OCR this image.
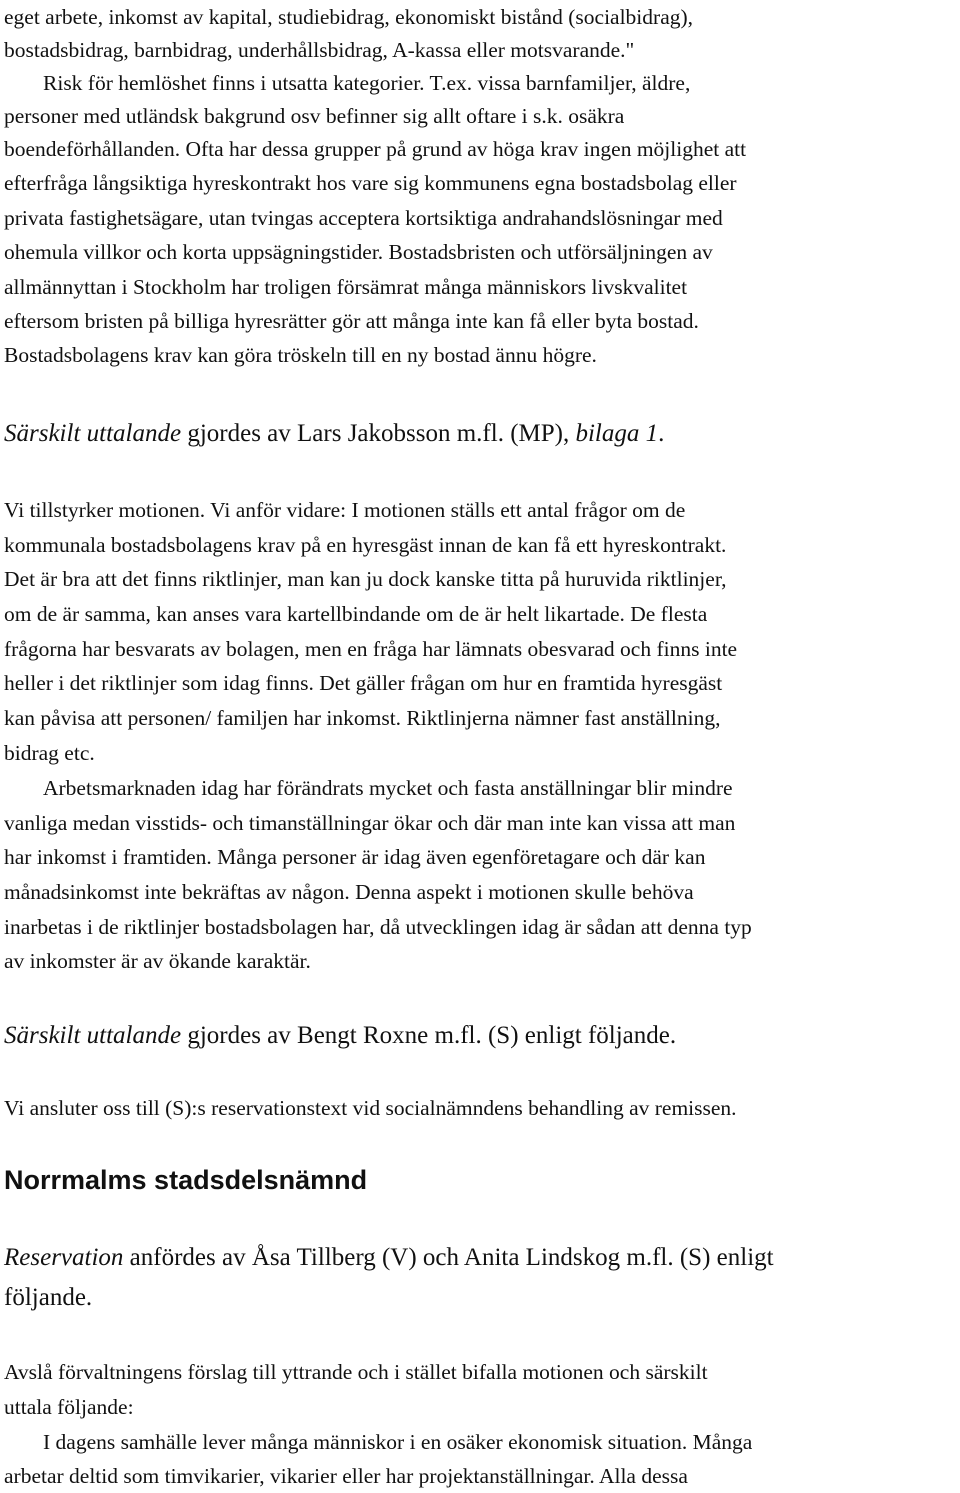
eget arbete, inkomst av kapital, studiebidrag, ekonomiskt bistånd (socialbidrag),
bostadsbidrag, barnbidrag, underhållsbidrag, A-kassa eller motsvarande."
Risk för hemlöshet finns i utsatta kategorier. T.ex. vissa barnfamiljer, äldre,
personer med utländsk bakgrund osv befinner sig allt oftare i s.k. osäkra
boendeförhållanden. Ofta har dessa grupper på grund av höga krav ingen möjlighet att
efterfråga långsiktiga hyreskontrakt hos vare sig kommunens egna bostadsbolag eller
privata fastighetsägare, utan tvingas acceptera kortsiktiga andrahandslösningar med
ohemula villkor och korta uppsägningstider. Bostadsbristen och utförsäljningen av
allmännyttan i Stockholm har troligen försämrat många människors livskvalitet
eftersom bristen på billiga hyresrätter gör att många inte kan få eller byta bostad.
Bostadsbolagens krav kan göra tröskeln till en ny bostad ännu högre.
Särskilt uttalande gjordes av Lars Jakobsson m.fl. (MP), bilaga 1.
Vi tillstyrker motionen. Vi anför vidare: I motionen ställs ett antal frågor om de
kommunala bostadsbolagens krav på en hyresgäst innan de kan få ett hyreskontrakt.
Det är bra att det finns riktlinjer, man kan ju dock kanske titta på huruvida riktlinjer,
om de är samma, kan anses vara kartellbindande om de är helt likartade. De flesta
frågorna har besvarats av bolagen, men en fråga har lämnats obesvarad och finns inte
heller i det riktlinjer som idag finns. Det gäller frågan om hur en framtida hyresgäst
kan påvisa att personen/ familjen har inkomst. Riktlinjerna nämner fast anställning,
bidrag etc.
Arbetsmarknaden idag har förändrats mycket och fasta anställningar blir mindre
vanliga medan visstids- och timanställningar ökar och där man inte kan vissa att man
har inkomst i framtiden. Många personer är idag även egenföretagare och där kan
månadsinkomst inte bekräftas av någon. Denna aspekt i motionen skulle behöva
inarbetas i de riktlinjer bostadsbolagen har, då utvecklingen idag är sådan att denna typ
av inkomster är av ökande karaktär.
Särskilt uttalande gjordes av Bengt Roxne m.fl. (S) enligt följande.
Vi ansluter oss till (S):s reservationstext vid socialnämndens behandling av remissen.
Norrmalms stadsdelsnämnd
Reservation anfördes av Åsa Tillberg (V) och Anita Lindskog m.fl. (S) enligt
följande.
Avslå förvaltningens förslag till yttrande och i stället bifalla motionen och särskilt
uttala följande:
I dagens samhälle lever många människor i en osäker ekonomisk situation. Många
arbetar deltid som timvikarier, vikarier eller har projektanställningar. Alla dessa
